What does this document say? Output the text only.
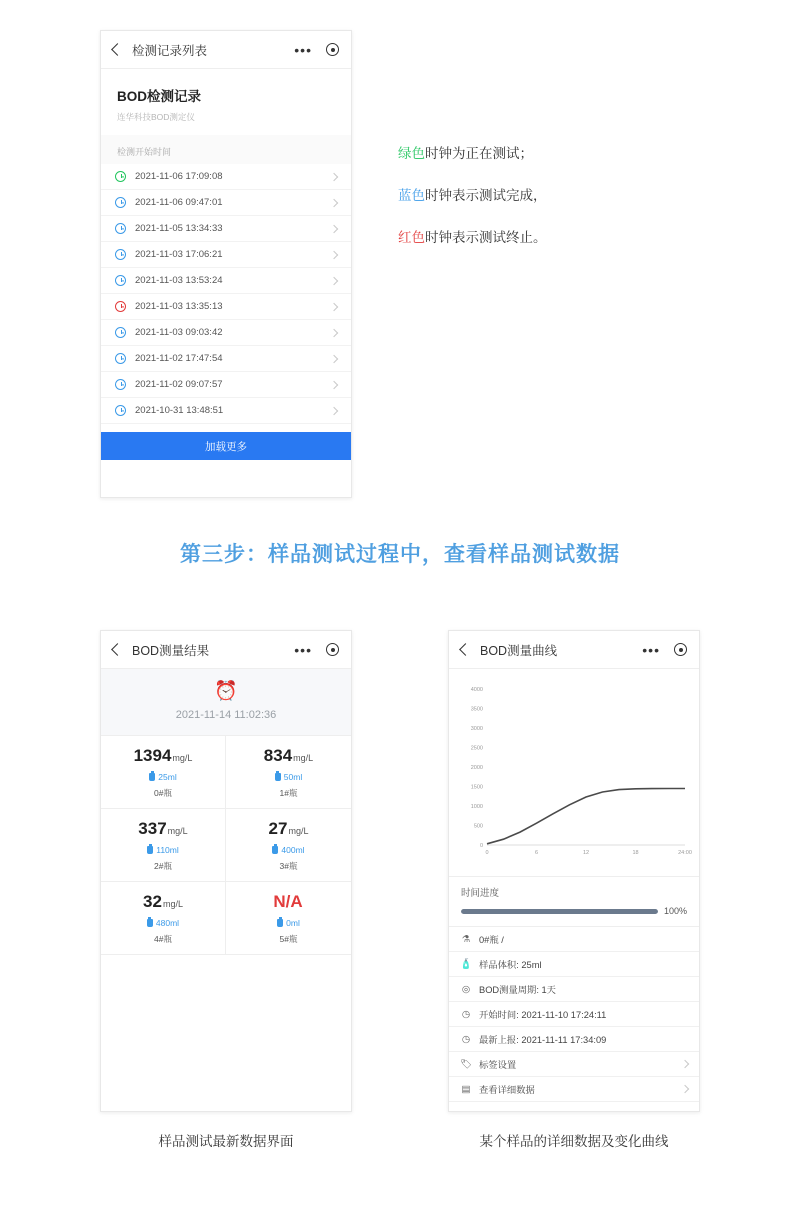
检测记录列表	•••
BOD检测记录
连华科技BOD测定仪
检测开始时间
2021-11-06 17:09:08
2021-11-06 09:47:01
2021-11-05 13:34:33
2021-11-03 17:06:21
2021-11-03 13:53:24
2021-11-03 13:35:13
2021-11-03 09:03:42
2021-11-02 17:47:54
2021-11-02 09:07:57
2021-10-31 13:48:51
加载更多
绿色时钟为正在测试；
蓝色时钟表示测试完成，
红色时钟表示测试终止。
第三步：样品测试过程中，查看样品测试数据
BOD测量结果	•••
⏰
2021-11-14 11:02:36
1394mg/L
25ml
0#瓶
834mg/L
50ml
1#瓶
337mg/L
110ml
2#瓶
27mg/L
400ml
3#瓶
32mg/L
480ml
4#瓶
N/A
0ml
5#瓶
BOD测量曲线	•••
0
500
1000
1500
2000
2500
3000
3500
4000
0	6	12	18	24:00
时间进度
100%
⚗ 0#瓶 /
🧴 样品体积: 25ml
◎ BOD测量周期: 1天
◷ 开始时间: 2021-11-10 17:24:11
◷ 最新上报: 2021-11-11 17:34:09
🏷 标签设置
▤ 查看详细数据
样品测试最新数据界面	某个样品的详细数据及变化曲线
